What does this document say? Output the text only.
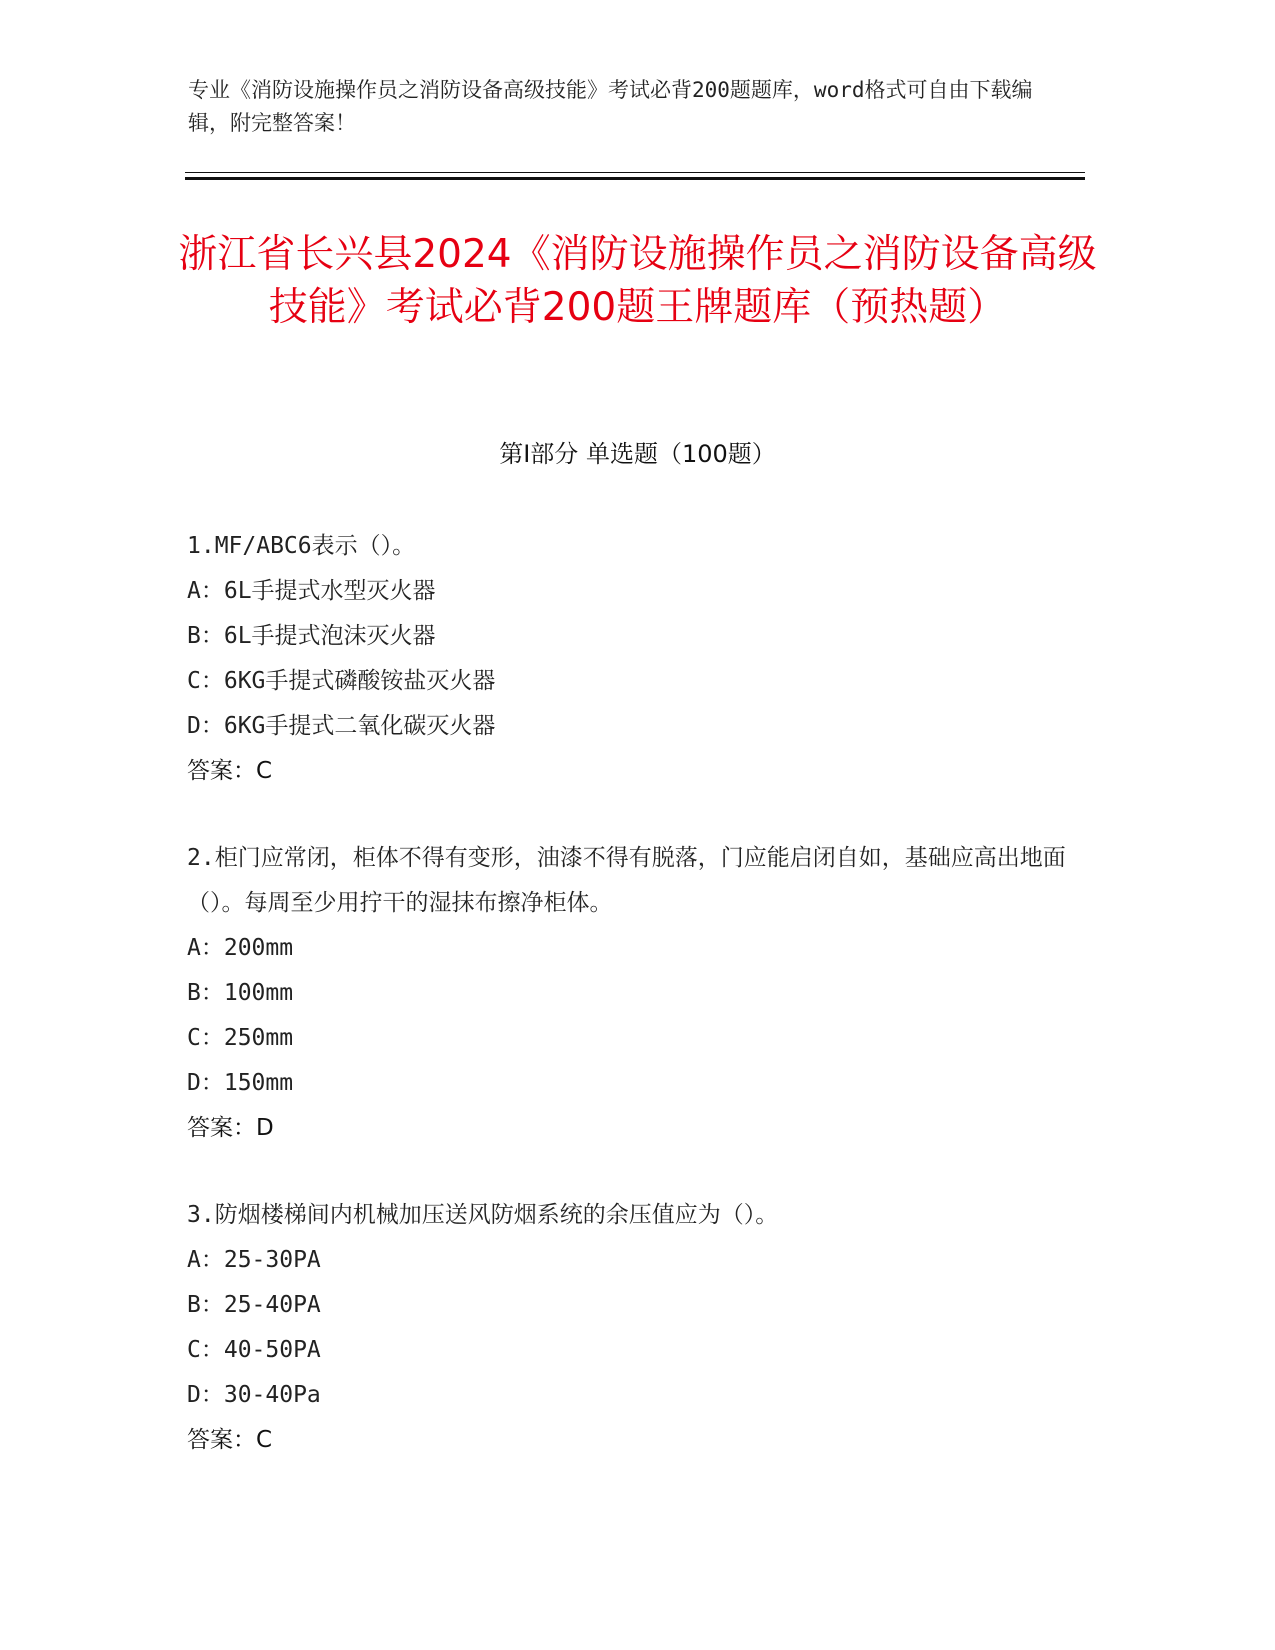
专业《消防设施操作员之消防设备高级技能》考试必背200题题库，word格式可自由下载编辑，附完整答案！
浙江省长兴县2024《消防设施操作员之消防设备高级技能》考试必背200题王牌题库（预热题）
第I部分 单选题（100题）
1.MF/ABC6表示（）。
A：6L手提式水型灭火器
B：6L手提式泡沫灭火器
C：6KG手提式磷酸铵盐灭火器
D：6KG手提式二氧化碳灭火器
答案：C
2.柜门应常闭，柜体不得有变形，油漆不得有脱落，门应能启闭自如，基础应高出地面（）。每周至少用拧干的湿抹布擦净柜体。
A：200mm
B：100mm
C：250mm
D：150mm
答案：D
3.防烟楼梯间内机械加压送风防烟系统的余压值应为（）。
A：25-30PA
B：25-40PA
C：40-50PA
D：30-40Pa
答案：C
